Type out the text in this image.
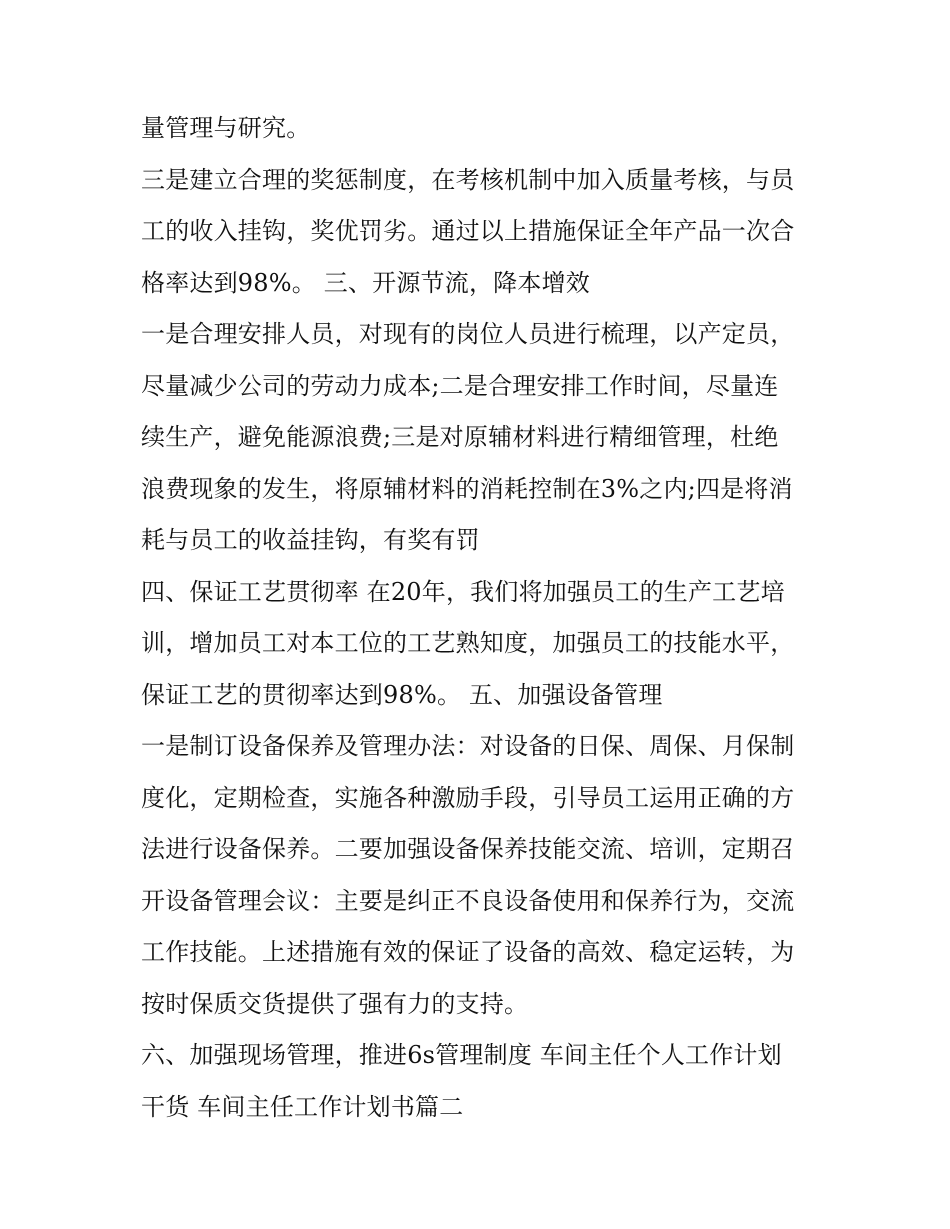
量管理与研究。

三是建立合理的奖惩制度，在考核机制中加入质量考核，与员

工的收入挂钩，奖优罚劣。通过以上措施保证全年产品一次合

格率达到98%。 三、开源节流，降本增效

一是合理安排人员，对现有的岗位人员进行梳理，以产定员，

尽量减少公司的劳动力成本;二是合理安排工作时间，尽量连

续生产，避免能源浪费;三是对原辅材料进行精细管理，杜绝

浪费现象的发生，将原辅材料的消耗控制在3%之内;四是将消

耗与员工的收益挂钩，有奖有罚

四、保证工艺贯彻率 在20年，我们将加强员工的生产工艺培

训，增加员工对本工位的工艺熟知度，加强员工的技能水平，

保证工艺的贯彻率达到98%。 五、加强设备管理

一是制订设备保养及管理办法：对设备的日保、周保、月保制

度化，定期检查，实施各种激励手段，引导员工运用正确的方

法进行设备保养。二要加强设备保养技能交流、培训，定期召

开设备管理会议：主要是纠正不良设备使用和保养行为，交流

工作技能。上述措施有效的保证了设备的高效、稳定运转，为

按时保质交货提供了强有力的支持。

六、加强现场管理，推进6s管理制度 车间主任个人工作计划

干货 车间主任工作计划书篇二
